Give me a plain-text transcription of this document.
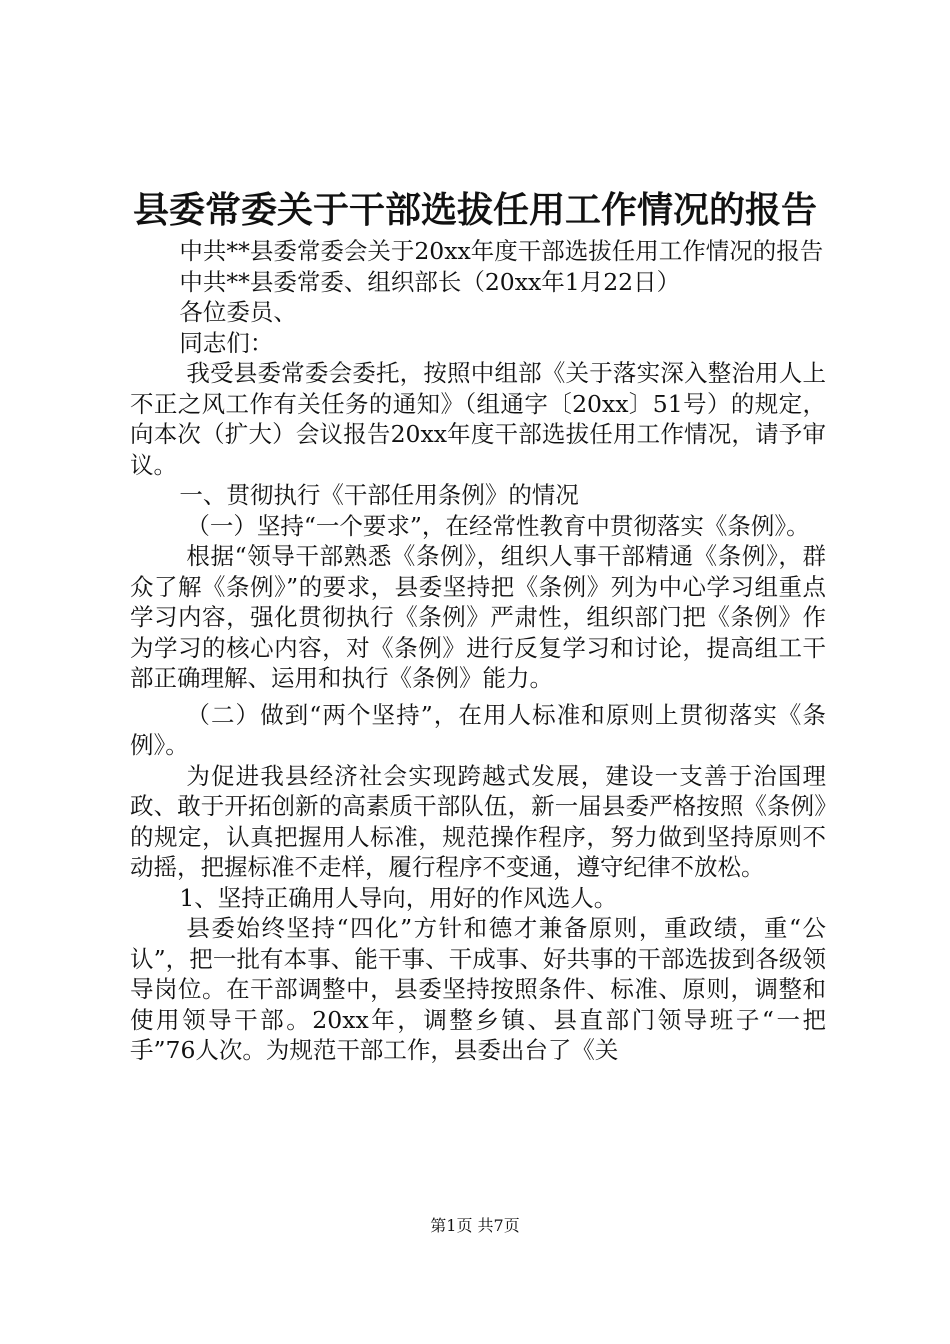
县委常委关于干部选拔任用工作情况的报告

中共**县委常委会关于20xx年度干部选拔任用工作情况的报告

中共**县委常委、组织部长（20xx年1月22日）

各位委员、

同志们：

我受县委常委会委托，按照中组部《关于落实深入整治用人上不正之风工作有关任务的通知》（组通字〔20xx〕51号）的规定，向本次（扩大）会议报告20xx年度干部选拔任用工作情况，请予审议。

一、贯彻执行《干部任用条例》的情况

（一）坚持“一个要求”，在经常性教育中贯彻落实《条例》。

根据“领导干部熟悉《条例》，组织人事干部精通《条例》，群众了解《条例》”的要求，县委坚持把《条例》列为中心学习组重点学习内容，强化贯彻执行《条例》严肃性，组织部门把《条例》作为学习的核心内容，对《条例》进行反复学习和讨论，提高组工干部正确理解、运用和执行《条例》能力。

（二）做到“两个坚持”，在用人标准和原则上贯彻落实《条例》。

为促进我县经济社会实现跨越式发展，建设一支善于治国理政、敢于开拓创新的高素质干部队伍，新一届县委严格按照《条例》的规定，认真把握用人标准，规范操作程序，努力做到坚持原则不动摇，把握标准不走样，履行程序不变通，遵守纪律不放松。

1、坚持正确用人导向，用好的作风选人。

县委始终坚持“四化”方针和德才兼备原则，重政绩，重“公认”，把一批有本事、能干事、干成事、好共事的干部选拔到各级领导岗位。在干部调整中，县委坚持按照条件、标准、原则，调整和使用领导干部。20xx年，调整乡镇、县直部门领导班子“一把手”76人次。为规范干部工作，县委出台了《关

第1页 共7页
